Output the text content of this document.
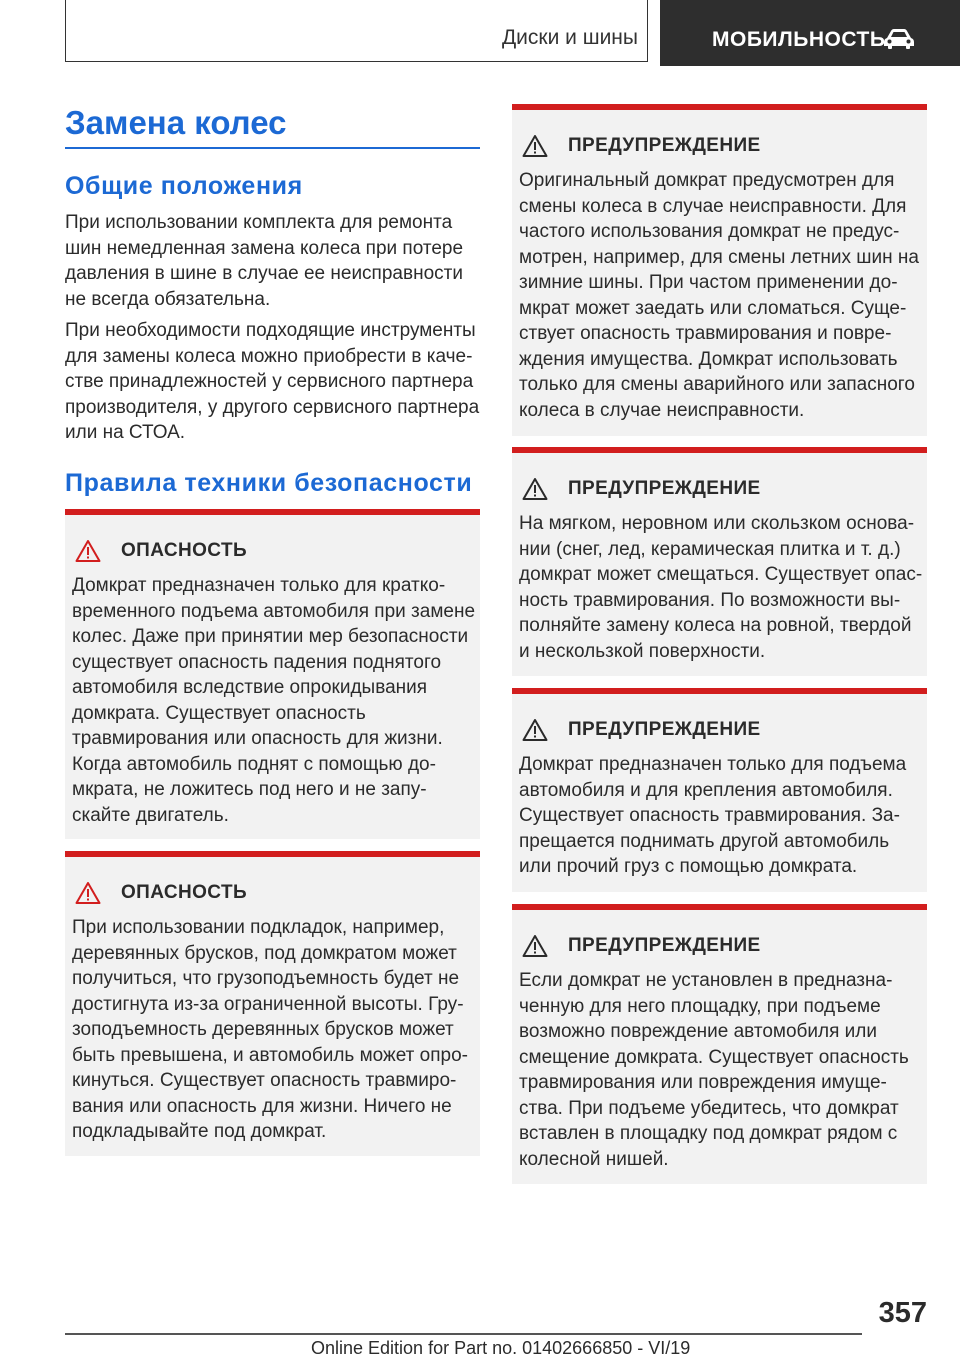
Диски и шины	МОБИЛЬНОСТЬ
Замена колес
Общие положения

При использовании комплекта для ремонта шин немедленная замена колеса при потере давления в шине в случае ее неисправности не всегда обязательна.

При необходимости подходящие инструменты для замены колеса можно приобрести в качестве принадлежностей у сервисного партнера производителя, у другого сервисного партнера или на СТОА.

Правила техники безопасности
ОПАСНОСТЬ

Домкрат предназначен только для кратковременного подъема автомобиля при замене колес. Даже при принятии мер безопасности существует опасность падения поднятого автомобиля вследствие опрокидывания домкрата. Существует опасность травмирования или опасность для жизни. Когда автомобиль поднят с помощью домкрата, не ложитесь под него и не запускайте двигатель.

ОПАСНОСТЬ

При использовании подкладок, например, деревянных брусков, под домкратом может получиться, что грузоподъемность будет не достигнута из-за ограниченной высоты. Грузоподъемность деревянных брусков может быть превышена, и автомобиль может опрокинуться. Существует опасность травмирования или опасность для жизни. Ничего не подкладывайте под домкрат.

ПРЕДУПРЕЖДЕНИЕ

Оригинальный домкрат предусмотрен для смены колеса в случае неисправности. Для частого использования домкрат не предусмотрен, например, для смены летних шин на зимние шины. При частом применении домкрат может заедать или сломаться. Существует опасность травмирования и повреждения имущества. Домкрат использовать только для смены аварийного или запасного колеса в случае неисправности.

ПРЕДУПРЕЖДЕНИЕ

На мягком, неровном или скользком основании (снег, лед, керамическая плитка и т. д.) домкрат может смещаться. Существует опасность травмирования. По возможности выполняйте замену колеса на ровной, твердой и нескользкой поверхности.

ПРЕДУПРЕЖДЕНИЕ

Домкрат предназначен только для подъема автомобиля и для крепления автомобиля. Существует опасность травмирования. Запрещается поднимать другой автомобиль или прочий груз с помощью домкрата.

ПРЕДУПРЕЖДЕНИЕ

Если домкрат не установлен в предназначенную для него площадку, при подъеме возможно повреждение автомобиля или смещение домкрата. Существует опасность травмирования или повреждения имущества. При подъеме убедитесь, что домкрат вставлен в площадку под домкрат рядом с колесной нишей.

357
Online Edition for Part no. 01402666850 - VI/19
